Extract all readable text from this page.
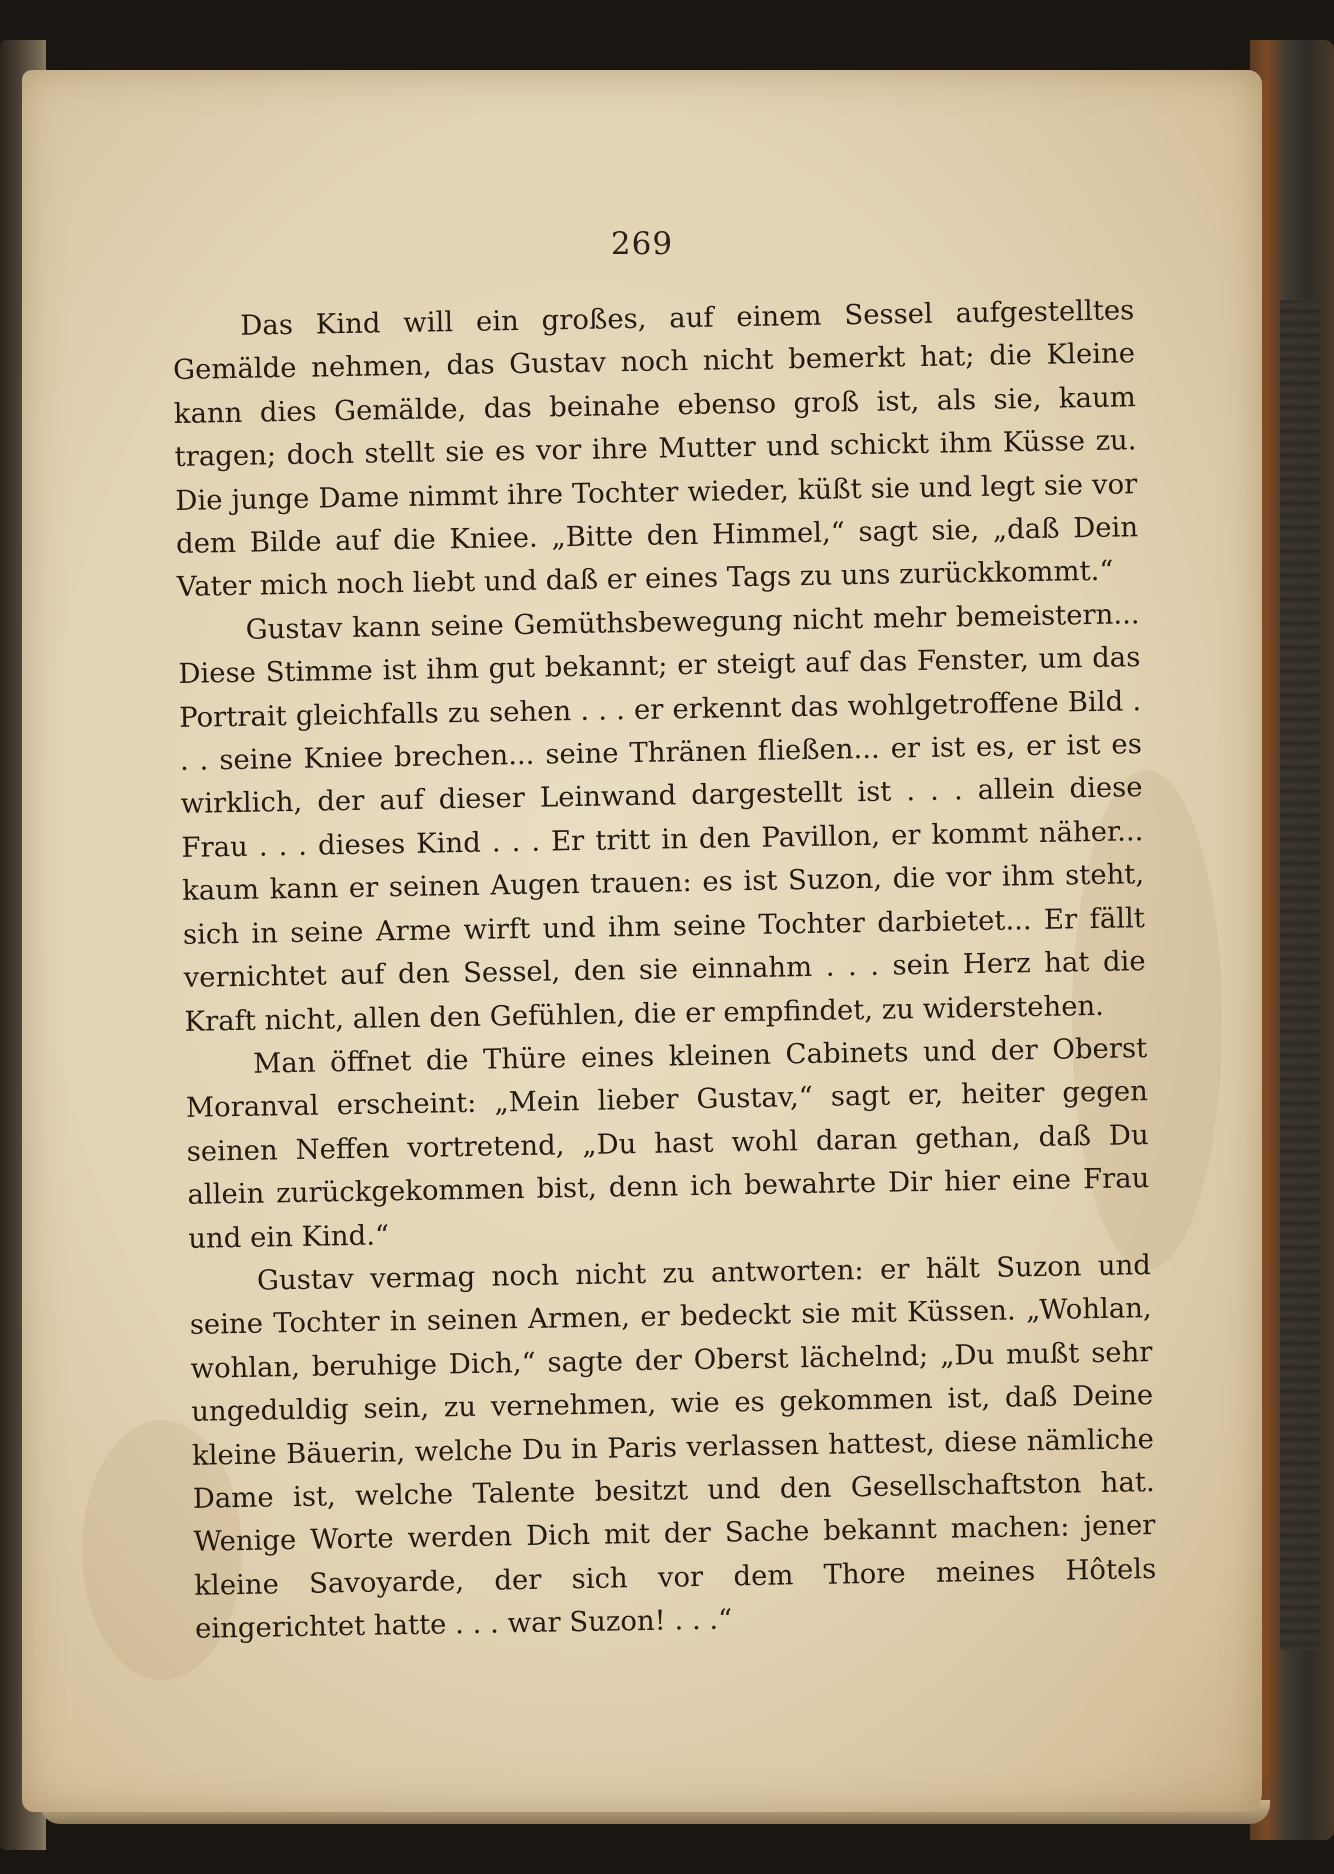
269

Das Kind will ein großes, auf einem Sessel aufgestelltes Gemälde nehmen, das Gustav noch nicht bemerkt hat; die Kleine kann dies Gemälde, das beinahe ebenso groß ist, als sie, kaum tragen; doch stellt sie es vor ihre Mutter und schickt ihm Küsse zu. Die junge Dame nimmt ihre Tochter wieder, küßt sie und legt sie vor dem Bilde auf die Kniee. „Bitte den Himmel,“ sagt sie, „daß Dein Vater mich noch liebt und daß er eines Tags zu uns zurückkommt.“

Gustav kann seine Gemüthsbewegung nicht mehr bemeistern... Diese Stimme ist ihm gut bekannt; er steigt auf das Fenster, um das Portrait gleichfalls zu sehen . . . er erkennt das wohlgetroffene Bild . . . seine Kniee brechen... seine Thränen fließen... er ist es, er ist es wirklich, der auf dieser Leinwand dargestellt ist . . . allein diese Frau . . . dieses Kind . . . Er tritt in den Pavillon, er kommt näher... kaum kann er seinen Augen trauen: es ist Suzon, die vor ihm steht, sich in seine Arme wirft und ihm seine Tochter darbietet... Er fällt vernichtet auf den Sessel, den sie einnahm . . . sein Herz hat die Kraft nicht, allen den Gefühlen, die er empfindet, zu widerstehen.

Man öffnet die Thüre eines kleinen Cabinets und der Oberst Moranval erscheint: „Mein lieber Gustav,“ sagt er, heiter gegen seinen Neffen vortretend, „Du hast wohl daran gethan, daß Du allein zurückgekommen bist, denn ich bewahrte Dir hier eine Frau und ein Kind.“

Gustav vermag noch nicht zu antworten: er hält Suzon und seine Tochter in seinen Armen, er bedeckt sie mit Küssen. „Wohlan, wohlan, beruhige Dich,“ sagte der Oberst lächelnd; „Du mußt sehr ungeduldig sein, zu vernehmen, wie es gekommen ist, daß Deine kleine Bäuerin, welche Du in Paris verlassen hattest, diese nämliche Dame ist, welche Talente besitzt und den Gesellschaftston hat. Wenige Worte werden Dich mit der Sache bekannt machen: jener kleine Savoyarde, der sich vor dem Thore meines Hôtels eingerichtet hatte . . . war Suzon! . . .“
